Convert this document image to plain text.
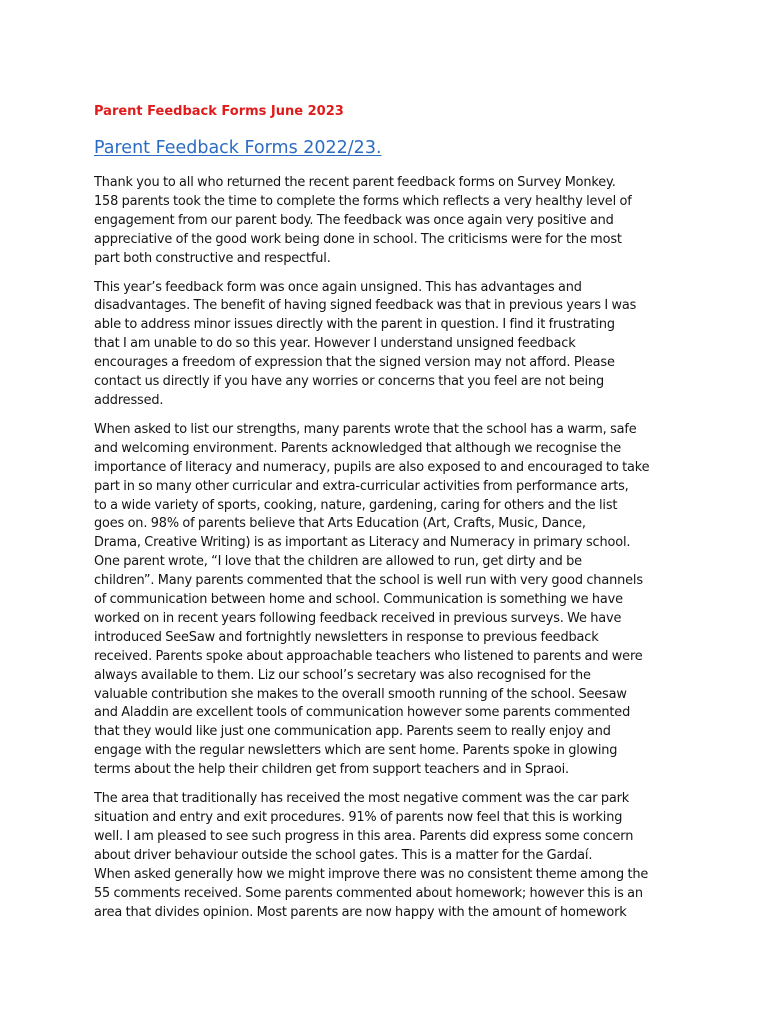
Parent Feedback Forms June 2023
Parent Feedback Forms 2022/23.

Thank you to all who returned the recent parent feedback forms on Survey Monkey.
158 parents took the time to complete the forms which reflects a very healthy level of
engagement from our parent body. The feedback was once again very positive and
appreciative of the good work being done in school. The criticisms were for the most
part both constructive and respectful.

This year’s feedback form was once again unsigned. This has advantages and
disadvantages. The benefit of having signed feedback was that in previous years I was
able to address minor issues directly with the parent in question. I find it frustrating
that I am unable to do so this year. However I understand unsigned feedback
encourages a freedom of expression that the signed version may not afford. Please
contact us directly if you have any worries or concerns that you feel are not being
addressed.

When asked to list our strengths, many parents wrote that the school has a warm, safe
and welcoming environment. Parents acknowledged that although we recognise the
importance of literacy and numeracy, pupils are also exposed to and encouraged to take
part in so many other curricular and extra-curricular activities from performance arts,
to a wide variety of sports, cooking, nature, gardening, caring for others and the list
goes on. 98% of parents believe that Arts Education (Art, Crafts, Music, Dance,
Drama, Creative Writing) is as important as Literacy and Numeracy in primary school.
One parent wrote, “I love that the children are allowed to run, get dirty and be
children”. Many parents commented that the school is well run with very good channels
of communication between home and school. Communication is something we have
worked on in recent years following feedback received in previous surveys. We have
introduced SeeSaw and fortnightly newsletters in response to previous feedback
received. Parents spoke about approachable teachers who listened to parents and were
always available to them. Liz our school’s secretary was also recognised for the
valuable contribution she makes to the overall smooth running of the school. Seesaw
and Aladdin are excellent tools of communication however some parents commented
that they would like just one communication app. Parents seem to really enjoy and
engage with the regular newsletters which are sent home. Parents spoke in glowing
terms about the help their children get from support teachers and in Spraoi.

The area that traditionally has received the most negative comment was the car park
situation and entry and exit procedures. 91% of parents now feel that this is working
well. I am pleased to see such progress in this area. Parents did express some concern
about driver behaviour outside the school gates. This is a matter for the Gardaí.
When asked generally how we might improve there was no consistent theme among the
55 comments received. Some parents commented about homework; however this is an
area that divides opinion. Most parents are now happy with the amount of homework
